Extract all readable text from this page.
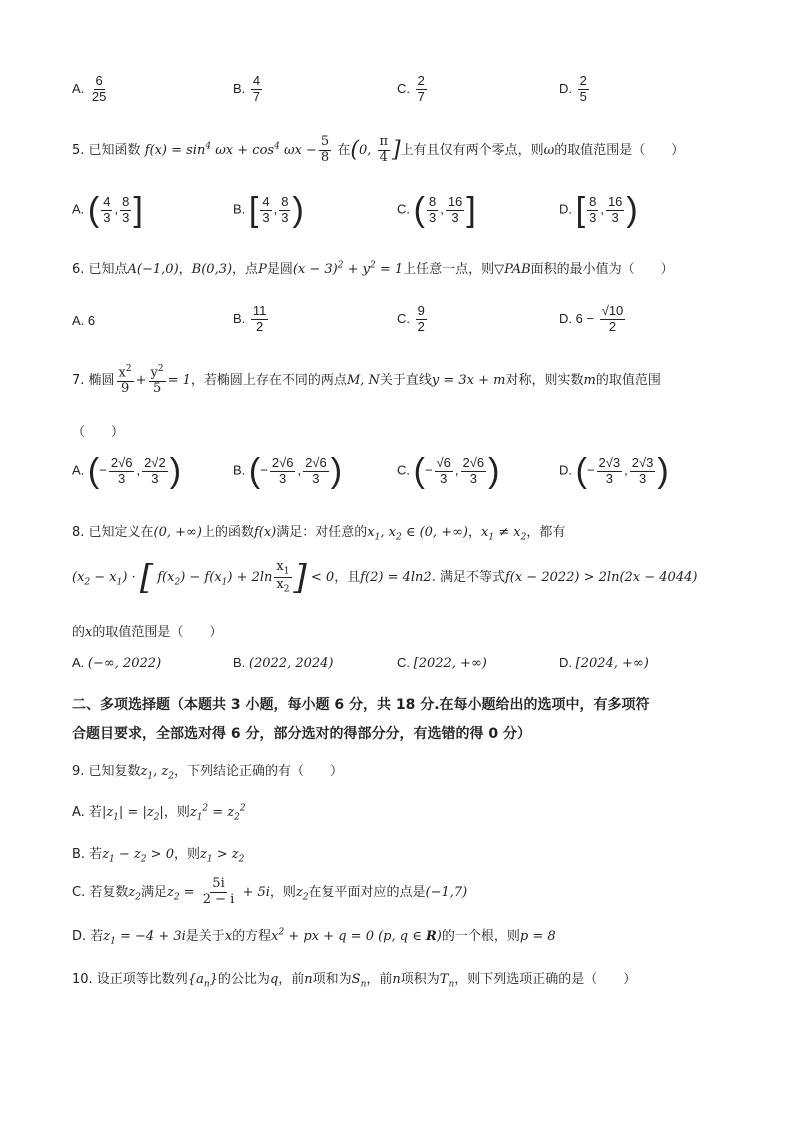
A. $\frac{6}{25}$	B. $\frac{4}{7}$	C. $\frac{2}{7}$	D. $\frac{2}{5}$
5. 已知函数 $f(x) = \sin^4 \omega x + \cos^4 \omega x - \frac{5}{8}$ 在(0, $\frac{\pi}{4}$ ]上有且仅有两个零点，则ω的取值范围是（　　）
A. ( $\frac{4}{3}$ , $\frac{8}{3}$ ]	B. [ $\frac{4}{3}$ , $\frac{8}{3}$ )	C. ( $\frac{8}{3}$ , $\frac{16}{3}$ ]	D. [ $\frac{8}{3}$ , $\frac{16}{3}$ )
6. 已知点A(−1,0)，B(0,3)，点P是圆$(x - 3)^2 + y^2 = 1$上任意一点，则▽PAB面积的最小值为（　　）
A. 6	B. $\frac{11}{2}$	C. $\frac{9}{2}$	D. $6 - \frac{√10}{2}$
7. 椭圆 $\frac{x^2}{9} + \frac{y^2}{5} = 1$，若椭圆上存在不同的两点M, N关于直线y = 3x + m对称，则实数m的取值范围
（　　）
A. (− $\frac{2√6}{3}$ , $\frac{2√2}{3}$ )	B. (− $\frac{2√6}{3}$ , $\frac{2√6}{3}$ )	C. (− $\frac{√6}{3}$ , $\frac{2√6}{3}$ )	D. (− $\frac{2√3}{3}$ , $\frac{2√3}{3}$ )
8. 已知定义在(0, +∞)上的函数f(x)满足：对任意的$x_1$, $x_2$ ∈ (0, +∞)，$x_1 \ne x_2$，都有
$(x_2 - x_1)$ · [ $f(x_2) - f(x_1) + 2\ln \frac{x_1}{x_2}$ ] < 0，且f(2) = 4ln2. 满足不等式f(x − 2022) > 2ln(2x − 4044)
的x的取值范围是（　　）
A. (−∞, 2022)	B. (2022, 2024)	C. [2022, +∞)	D. [2024, +∞)
二、多项选择题（本题共 3 小题，每小题 6 分，共 18 分.在每小题给出的选项中，有多项符
合题目要求，全部选对得 6 分，部分选对的得部分分，有选错的得 0 分）
9. 已知复数$z_1$, $z_2$，下列结论正确的有（　　）
A. 若$|z_1| = |z_2|$，则$z_1^2 = z_2^2$
B. 若$z_1 - z_2 > 0$，则$z_1 > z_2$
C. 若复数$z_2$满足$z_2 = \frac{5i}{2 - i} + 5i$，则$z_2$在复平面对应的点是(−1,7)
D. 若$z_1 = -4 + 3i$是关于x的方程$x^2$ + px + q = 0 (p, q ∈ R)的一个根，则p = 8
10. 设正项等比数列$\{a_n\}$的公比为q，前n项和为$S_n$，前n项积为$T_n$，则下列选项正确的是（　　）
